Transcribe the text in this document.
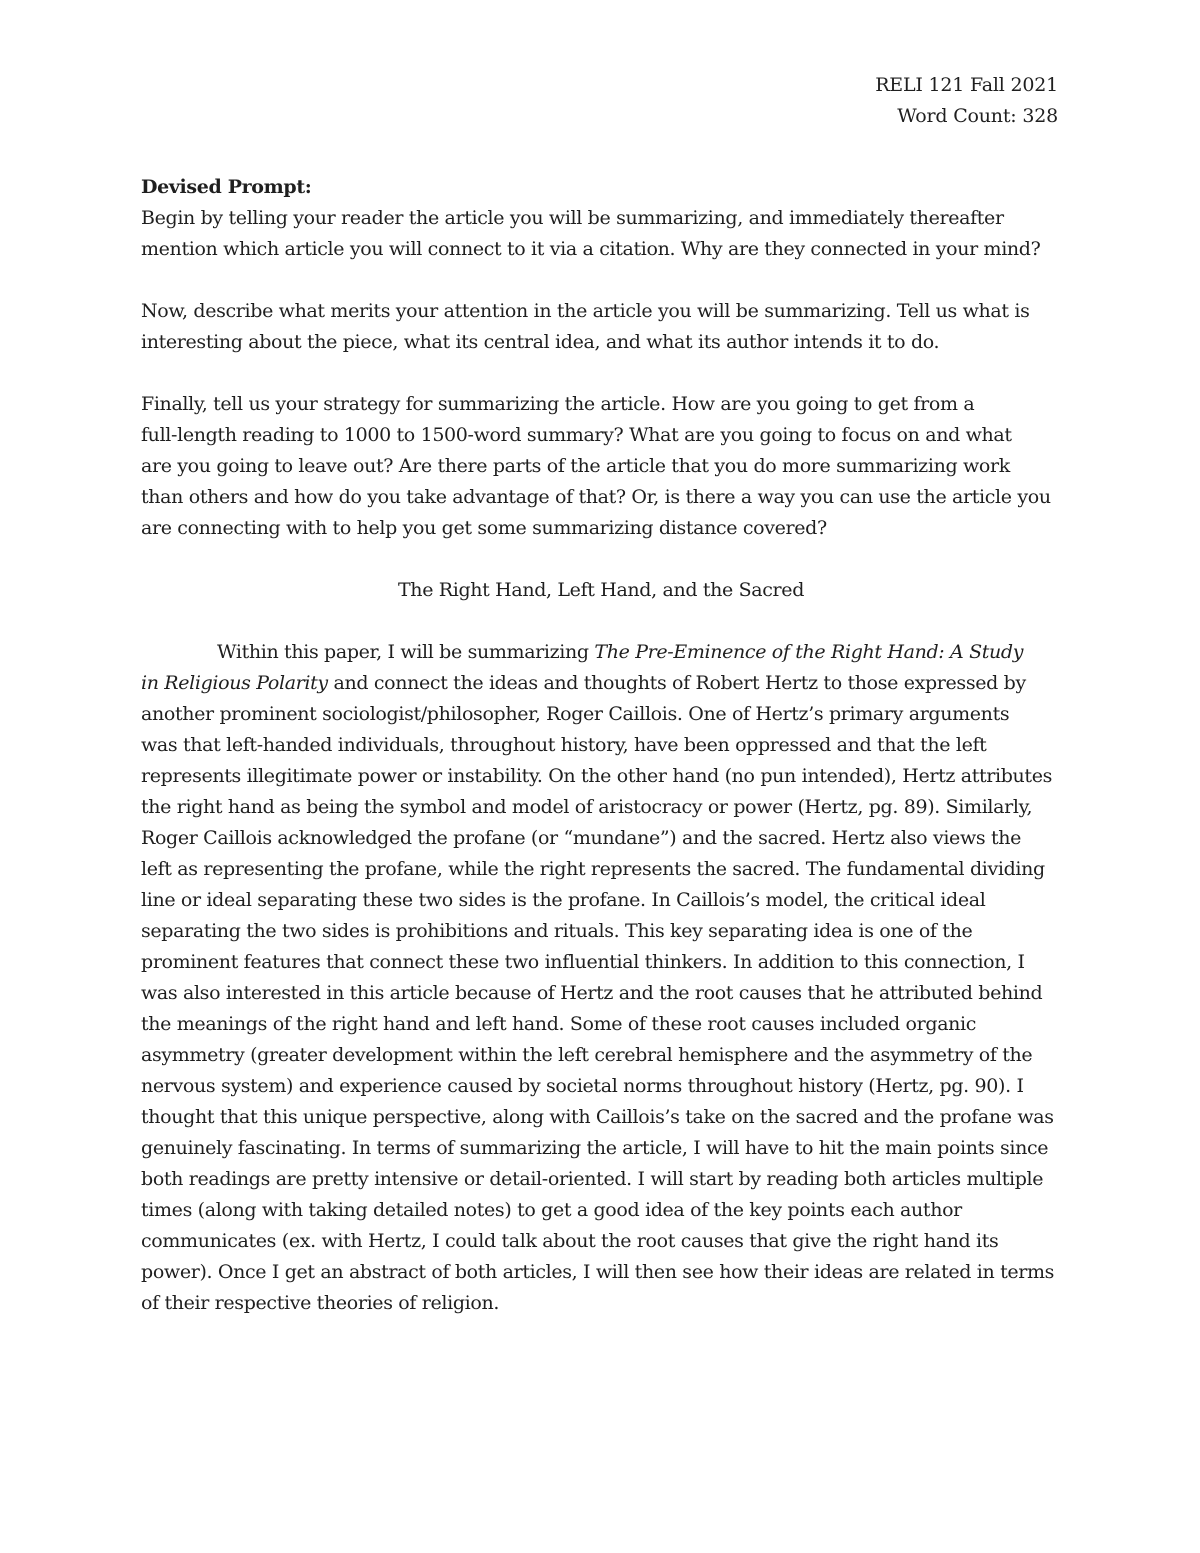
RELI 121 Fall 2021
Word Count: 328

Devised Prompt:

Begin by telling your reader the article you will be summarizing, and immediately thereafter
mention which article you will connect to it via a citation. Why are they connected in your mind?

Now, describe what merits your attention in the article you will be summarizing. Tell us what is
interesting about the piece, what its central idea, and what its author intends it to do.

Finally, tell us your strategy for summarizing the article. How are you going to get from a
full-length reading to 1000 to 1500-word summary? What are you going to focus on and what
are you going to leave out? Are there parts of the article that you do more summarizing work
than others and how do you take advantage of that? Or, is there a way you can use the article you
are connecting with to help you get some summarizing distance covered?

The Right Hand, Left Hand, and the Sacred

Within this paper, I will be summarizing The Pre-Eminence of the Right Hand: A Study
in Religious Polarity and connect the ideas and thoughts of Robert Hertz to those expressed by
another prominent sociologist/philosopher, Roger Caillois. One of Hertz’s primary arguments
was that left-handed individuals, throughout history, have been oppressed and that the left
represents illegitimate power or instability. On the other hand (no pun intended), Hertz attributes
the right hand as being the symbol and model of aristocracy or power (Hertz, pg. 89). Similarly,
Roger Caillois acknowledged the profane (or “mundane”) and the sacred. Hertz also views the
left as representing the profane, while the right represents the sacred. The fundamental dividing
line or ideal separating these two sides is the profane. In Caillois’s model, the critical ideal
separating the two sides is prohibitions and rituals. This key separating idea is one of the
prominent features that connect these two influential thinkers. In addition to this connection, I
was also interested in this article because of Hertz and the root causes that he attributed behind
the meanings of the right hand and left hand. Some of these root causes included organic
asymmetry (greater development within the left cerebral hemisphere and the asymmetry of the
nervous system) and experience caused by societal norms throughout history (Hertz, pg. 90). I
thought that this unique perspective, along with Caillois’s take on the sacred and the profane was
genuinely fascinating. In terms of summarizing the article, I will have to hit the main points since
both readings are pretty intensive or detail-oriented. I will start by reading both articles multiple
times (along with taking detailed notes) to get a good idea of the key points each author
communicates (ex. with Hertz, I could talk about the root causes that give the right hand its
power). Once I get an abstract of both articles, I will then see how their ideas are related in terms
of their respective theories of religion.
